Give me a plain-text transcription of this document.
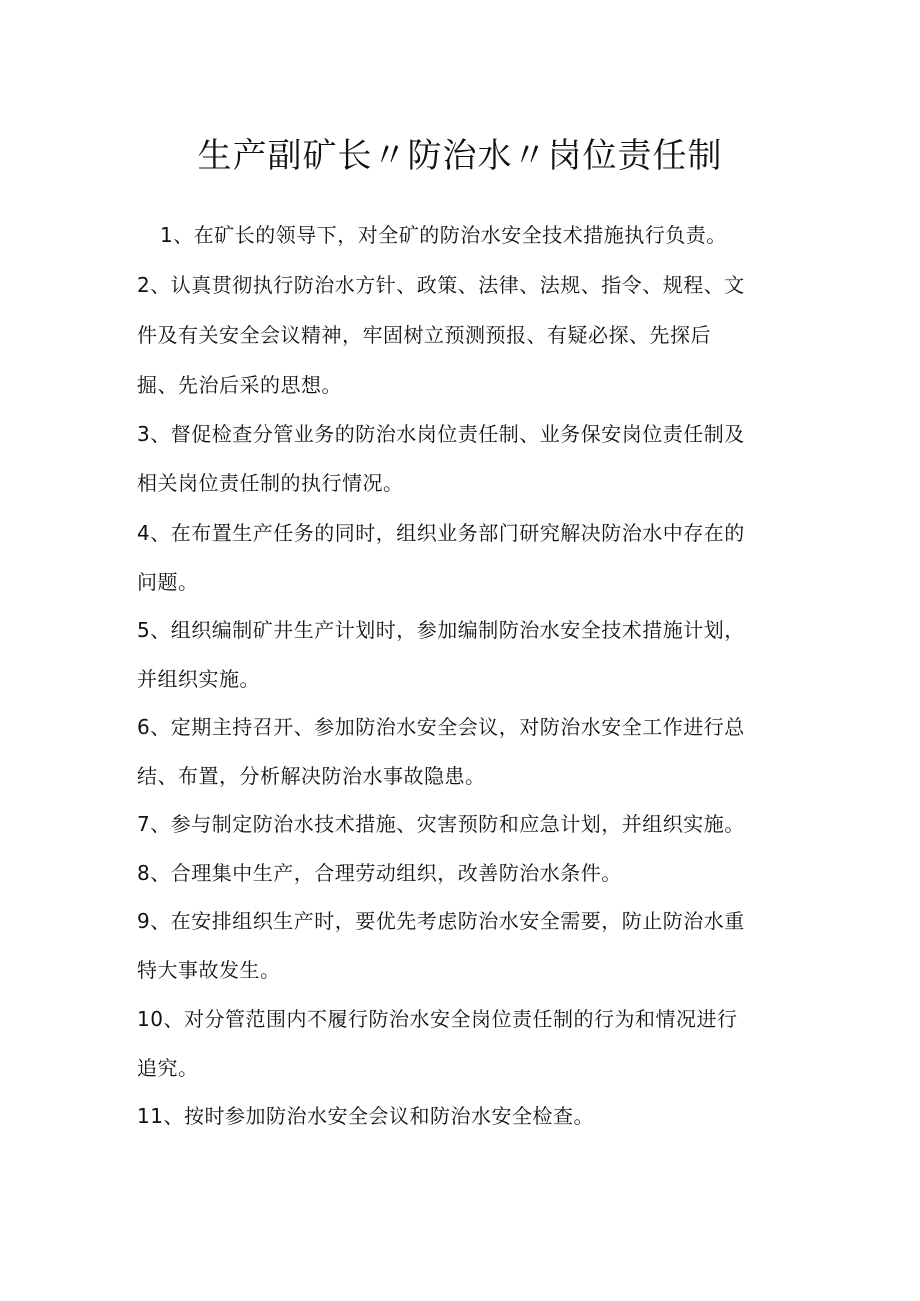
生产副矿长〃防治水〃岗位责任制
1、在矿长的领导下，对全矿的防治水安全技术措施执行负责。
2、认真贯彻执行防治水方针、政策、法律、法规、指令、规程、文
件及有关安全会议精神，牢固树立预测预报、有疑必探、先探后
掘、先治后采的思想。
3、督促检查分管业务的防治水岗位责任制、业务保安岗位责任制及
相关岗位责任制的执行情况。
4、在布置生产任务的同时，组织业务部门研究解决防治水中存在的
问题。
5、组织编制矿井生产计划时，参加编制防治水安全技术措施计划，
并组织实施。
6、定期主持召开、参加防治水安全会议，对防治水安全工作进行总
结、布置，分析解决防治水事故隐患。
7、参与制定防治水技术措施、灾害预防和应急计划，并组织实施。
8、合理集中生产，合理劳动组织，改善防治水条件。
9、在安排组织生产时，要优先考虑防治水安全需要，防止防治水重
特大事故发生。
10、对分管范围内不履行防治水安全岗位责任制的行为和情况进行
追究。
11、按时参加防治水安全会议和防治水安全检查。
